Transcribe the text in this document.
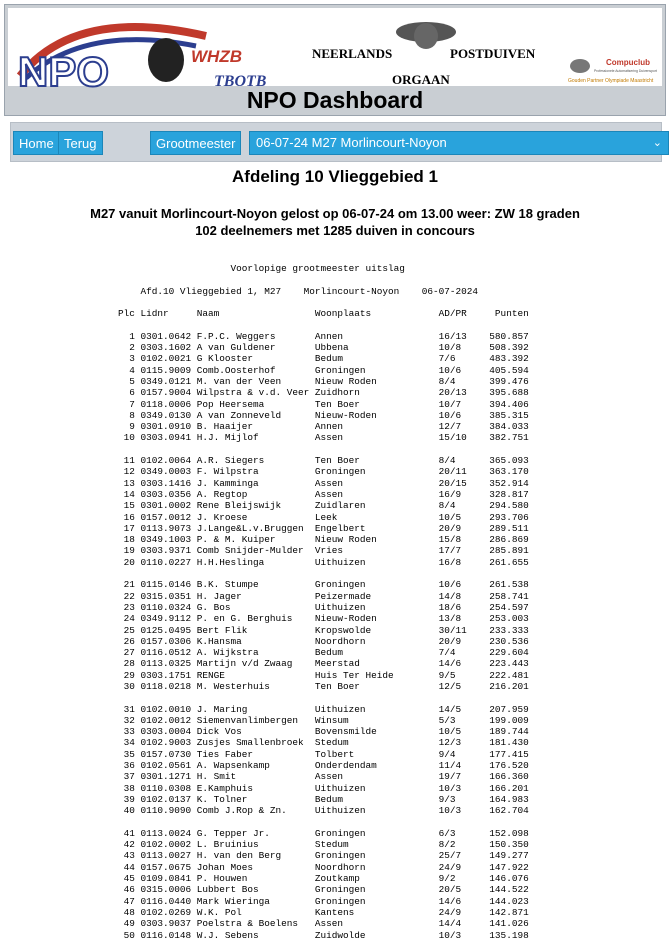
NPO	WHZB
TBOTB
NEERLANDS	POSTDUIVEN
ORGAAN
Compuclub
Professionele Automatisering Duivensport
Gouden Partner Olympiade Maastricht
NPO Dashboard
Home Terug	Grootmeester	06-07-24 M27 Morlincourt-Noyon	⌄
Afdeling 10 Vlieggebied 1
M27 vanuit Morlincourt-Noyon gelost op 06-07-24 om 13.00 weer: ZW 18 graden
102 deelnemers met 1285 duiven in concours
Voorlopige grootmeester uitslag

Afd.10 Vlieggebied 1, M27    Morlincourt-Noyon    06-07-2024

Plc Lidnr     Naam                 Woonplaats            AD/PR     Punten

1 0301.0642 F.P.C. Weggers       Annen                 16/13    580.857
2 0303.1602 A van Guldener       Ubbena                10/8     508.392
3 0102.0021 G Klooster           Bedum                 7/6      483.392
4 0115.9009 Comb.Oosterhof       Groningen             10/6     405.594
5 0349.0121 M. van der Veen      Nieuw Roden           8/4      399.476
6 0157.9004 Wilpstra & v.d. Veer Zuidhorn              20/13    395.688
7 0118.0006 Pop Heersema         Ten Boer              10/7     394.406
8 0349.0130 A van Zonneveld      Nieuw-Roden           10/6     385.315
9 0301.0910 B. Haaijer           Annen                 12/7     384.033
10 0303.0941 H.J. Mijlof          Assen                 15/10    382.751

11 0102.0064 A.R. Siegers         Ten Boer              8/4      365.093
12 0349.0003 F. Wilpstra          Groningen             20/11    363.170
13 0303.1416 J. Kamminga          Assen                 20/15    352.914
14 0303.0356 A. Regtop            Assen                 16/9     328.817
15 0301.0002 Rene Bleijswijk      Zuidlaren             8/4      294.580
16 0157.0012 J. Kroese            Leek                  10/5     293.706
17 0113.9073 J.Lange&L.v.Bruggen  Engelbert             20/9     289.511
18 0349.1003 P. & M. Kuiper       Nieuw Roden           15/8     286.869
19 0303.9371 Comb Snijder-Mulder  Vries                 17/7     285.891
20 0110.0227 H.H.Heslinga         Uithuizen             16/8     261.655

21 0115.0146 B.K. Stumpe          Groningen             10/6     261.538
22 0315.0351 H. Jager             Peizermade            14/8     258.741
23 0110.0324 G. Bos               Uithuizen             18/6     254.597
24 0349.9112 P. en G. Berghuis    Nieuw-Roden           13/8     253.003
25 0125.0495 Bert Flik            Kropswolde            30/11    233.333
26 0157.0306 K.Hansma             Noordhorn             20/9     230.536
27 0116.0512 A. Wijkstra          Bedum                 7/4      229.604
28 0113.0325 Martijn v/d Zwaag    Meerstad              14/6     223.443
29 0303.1751 RENGE                Huis Ter Heide        9/5      222.481
30 0118.0218 M. Westerhuis        Ten Boer              12/5     216.201

31 0102.0010 J. Maring            Uithuizen             14/5     207.959
32 0102.0012 Siemenvanlimbergen   Winsum                5/3      199.009
33 0303.0004 Dick Vos             Bovensmilde           10/5     189.744
34 0102.9003 Zusjes Smallenbroek  Stedum                12/3     181.430
35 0157.0730 Ties Faber           Tolbert               9/4      177.415
36 0102.0561 A. Wapsenkamp        Onderdendam           11/4     176.520
37 0301.1271 H. Smit              Assen                 19/7     166.360
38 0110.0308 E.Kamphuis           Uithuizen             10/3     166.201
39 0102.0137 K. Tolner            Bedum                 9/3      164.983
40 0110.9090 Comb J.Rop & Zn.     Uithuizen             10/3     162.704

41 0113.0024 G. Tepper Jr.        Groningen             6/3      152.098
42 0102.0002 L. Bruinius          Stedum                8/2      150.350
43 0113.0027 H. van den Berg      Groningen             25/7     149.277
44 0157.0675 Johan Moes           Noordhorn             24/9     147.922
45 0109.0841 P. Houwen            Zoutkamp              9/2      146.076
46 0315.0006 Lubbert Bos          Groningen             20/5     144.522
47 0116.0440 Mark Wieringa        Groningen             14/6     144.023
48 0102.0269 W.K. Pol             Kantens               24/9     142.871
49 0303.9037 Poelstra & Boelens   Assen                 14/4     141.026
50 0116.0148 W.J. Sebens          Zuidwolde             10/3     135.198
